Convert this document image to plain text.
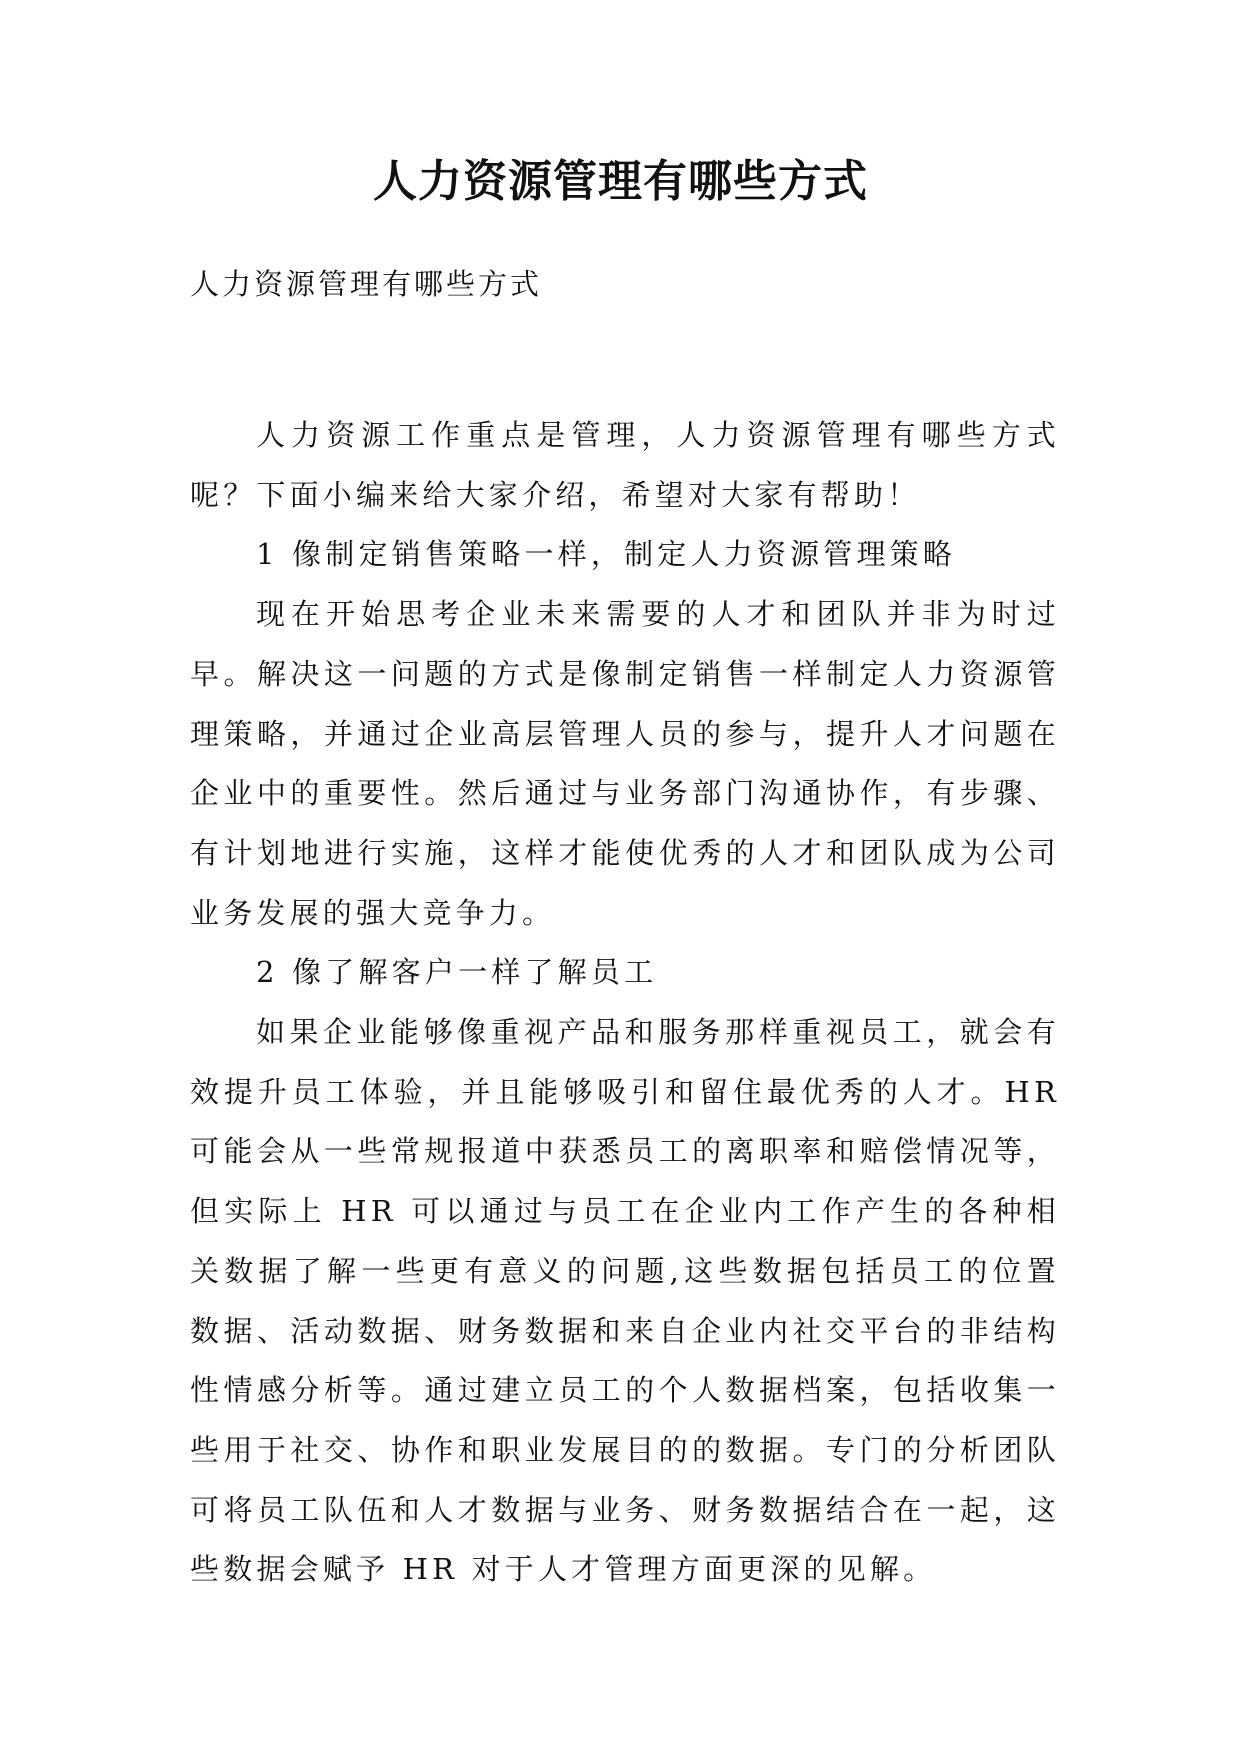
人力资源管理有哪些方式

人力资源管理有哪些方式

人力资源工作重点是管理，人力资源管理有哪些方式呢？下面小编来给大家介绍，希望对大家有帮助！

1 像制定销售策略一样，制定人力资源管理策略

现在开始思考企业未来需要的人才和团队并非为时过早。解决这一问题的方式是像制定销售一样制定人力资源管理策略，并通过企业高层管理人员的参与，提升人才问题在企业中的重要性。然后通过与业务部门沟通协作，有步骤、有计划地进行实施，这样才能使优秀的人才和团队成为公司业务发展的强大竞争力。

2 像了解客户一样了解员工

如果企业能够像重视产品和服务那样重视员工，就会有效提升员工体验，并且能够吸引和留住最优秀的人才。HR 可能会从一些常规报道中获悉员工的离职率和赔偿情况等，但实际上 HR 可以通过与员工在企业内工作产生的各种相关数据了解一些更有意义的问题,这些数据包括员工的位置数据、活动数据、财务数据和来自企业内社交平台的非结构性情感分析等。通过建立员工的个人数据档案，包括收集一些用于社交、协作和职业发展目的的数据。专门的分析团队可将员工队伍和人才数据与业务、财务数据结合在一起，这些数据会赋予 HR 对于人才管理方面更深的见解。
